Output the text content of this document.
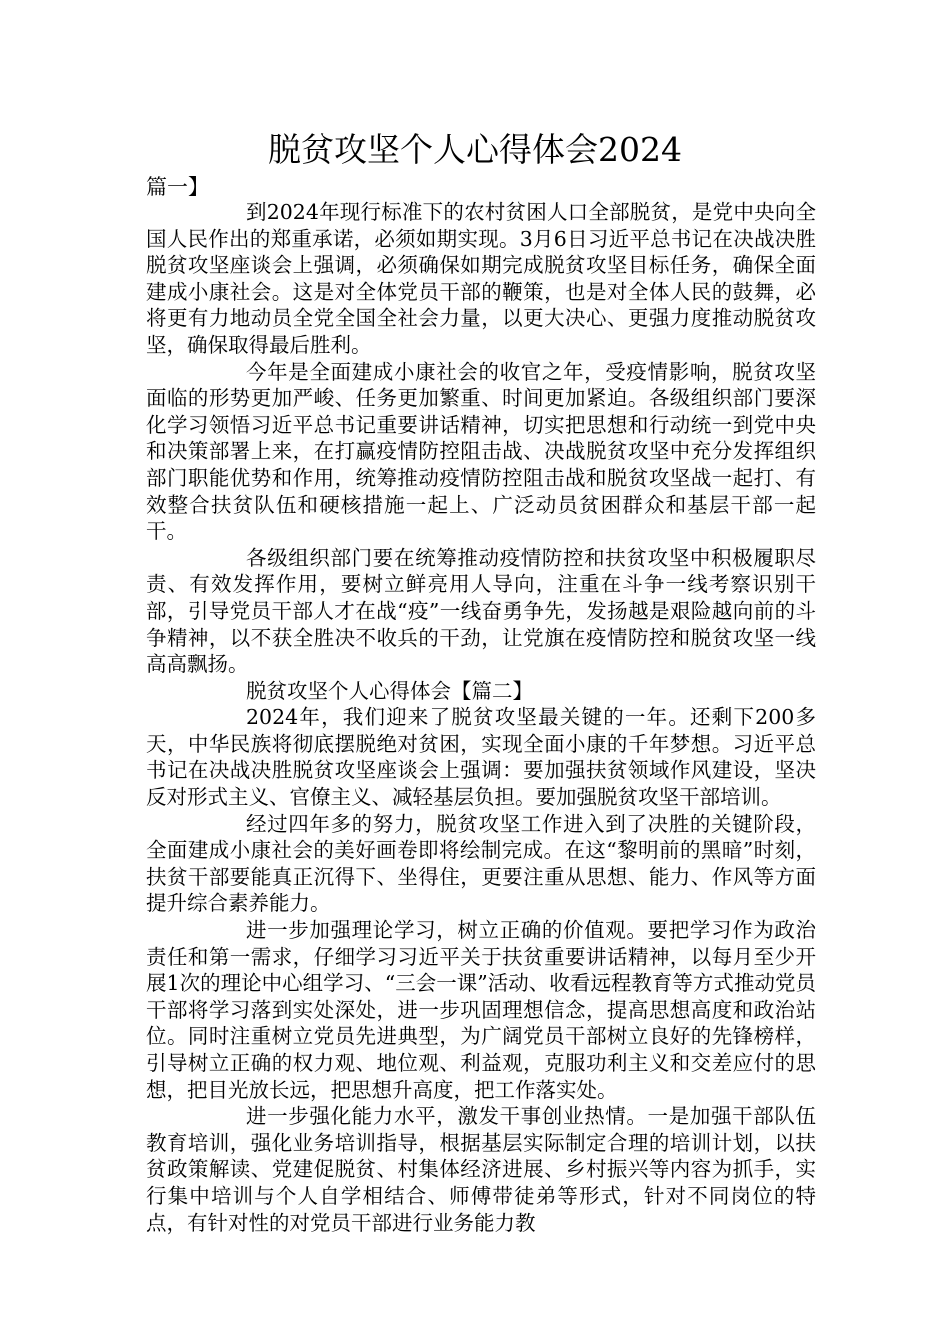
脱贫攻坚个人心得体会2024
篇一】

到2024年现行标准下的农村贫困人口全部脱贫，是党中央向全国人民作出的郑重承诺，必须如期实现。3月6日习近平总书记在决战决胜脱贫攻坚座谈会上强调，必须确保如期完成脱贫攻坚目标任务，确保全面建成小康社会。这是对全体党员干部的鞭策，也是对全体人民的鼓舞，必将更有力地动员全党全国全社会力量，以更大决心、更强力度推动脱贫攻坚，确保取得最后胜利。

今年是全面建成小康社会的收官之年，受疫情影响，脱贫攻坚面临的形势更加严峻、任务更加繁重、时间更加紧迫。各级组织部门要深化学习领悟习近平总书记重要讲话精神，切实把思想和行动统一到党中央和决策部署上来，在打赢疫情防控阻击战、决战脱贫攻坚中充分发挥组织部门职能优势和作用，统筹推动疫情防控阻击战和脱贫攻坚战一起打、有效整合扶贫队伍和硬核措施一起上、广泛动员贫困群众和基层干部一起干。

各级组织部门要在统筹推动疫情防控和扶贫攻坚中积极履职尽责、有效发挥作用，要树立鲜亮用人导向，注重在斗争一线考察识别干部，引导党员干部人才在战“疫”一线奋勇争先，发扬越是艰险越向前的斗争精神，以不获全胜决不收兵的干劲，让党旗在疫情防控和脱贫攻坚一线高高飘扬。

脱贫攻坚个人心得体会【篇二】

2024年，我们迎来了脱贫攻坚最关键的一年。还剩下200多天，中华民族将彻底摆脱绝对贫困，实现全面小康的千年梦想。习近平总书记在决战决胜脱贫攻坚座谈会上强调：要加强扶贫领域作风建设，坚决反对形式主义、官僚主义、减轻基层负担。要加强脱贫攻坚干部培训。

经过四年多的努力，脱贫攻坚工作进入到了决胜的关键阶段，全面建成小康社会的美好画卷即将绘制完成。在这“黎明前的黑暗”时刻，扶贫干部要能真正沉得下、坐得住，更要注重从思想、能力、作风等方面提升综合素养能力。

进一步加强理论学习，树立正确的价值观。要把学习作为政治责任和第一需求，仔细学习习近平关于扶贫重要讲话精神，以每月至少开展1次的理论中心组学习、“三会一课”活动、收看远程教育等方式推动党员干部将学习落到实处深处，进一步巩固理想信念，提高思想高度和政治站位。同时注重树立党员先进典型，为广阔党员干部树立良好的先锋榜样，引导树立正确的权力观、地位观、利益观，克服功利主义和交差应付的思想，把目光放长远，把思想升高度，把工作落实处。

进一步强化能力水平，激发干事创业热情。一是加强干部队伍教育培训，强化业务培训指导，根据基层实际制定合理的培训计划，以扶贫政策解读、党建促脱贫、村集体经济进展、乡村振兴等内容为抓手，实行集中培训与个人自学相结合、师傅带徒弟等形式，针对不同岗位的特点，有针对性的对党员干部进行业务能力教
